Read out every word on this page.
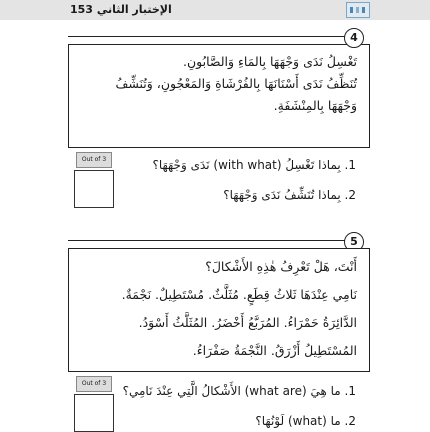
الإختبار الثاني 153
تَغْسِلُ نَدَى وَجْهَهَا بِالمَاءِ وَالصَّابُونِ.
تُنَظِّفُ نَدَى أَسْنَانَهَا بِالفُرْشَاةِ وَالمَعْجُونِ، وَتُنَشِّفُ
وَجْهَهَا بِالمِنْشَفَةِ.
4
Out of 3	1. بِماذا تَغْسِلُ (with what) نَدَى وَجْهَهَا؟
2. بِماذا تُنَشِّفُ نَدَى وَجْهَهَا؟
5
أَنْتَ، هَلْ تَعْرِفُ هٰذِهِ الأَشْكالَ؟
نَامِي عِنْدَهَا ثَلاثُ قِطَعٍ. مُثَلَّثٌ. مُسْتَطِيلٌ. نَجْمَةٌ.
الدَّائِرَةُ حَمْرَاءُ. المُرَبَّعُ أَخْضَرُ. المُثَلَّثُ أَسْوَدُ.
المُسْتَطِيلُ أَزْرَقُ. النَّجْمَةُ صَفْرَاءُ.
Out of 3
1. ما هِيَ (what are) الأَشْكالُ الَّتِي عِنْدَ نَامِي؟
2. ما (what) لَوْنُهَا؟
